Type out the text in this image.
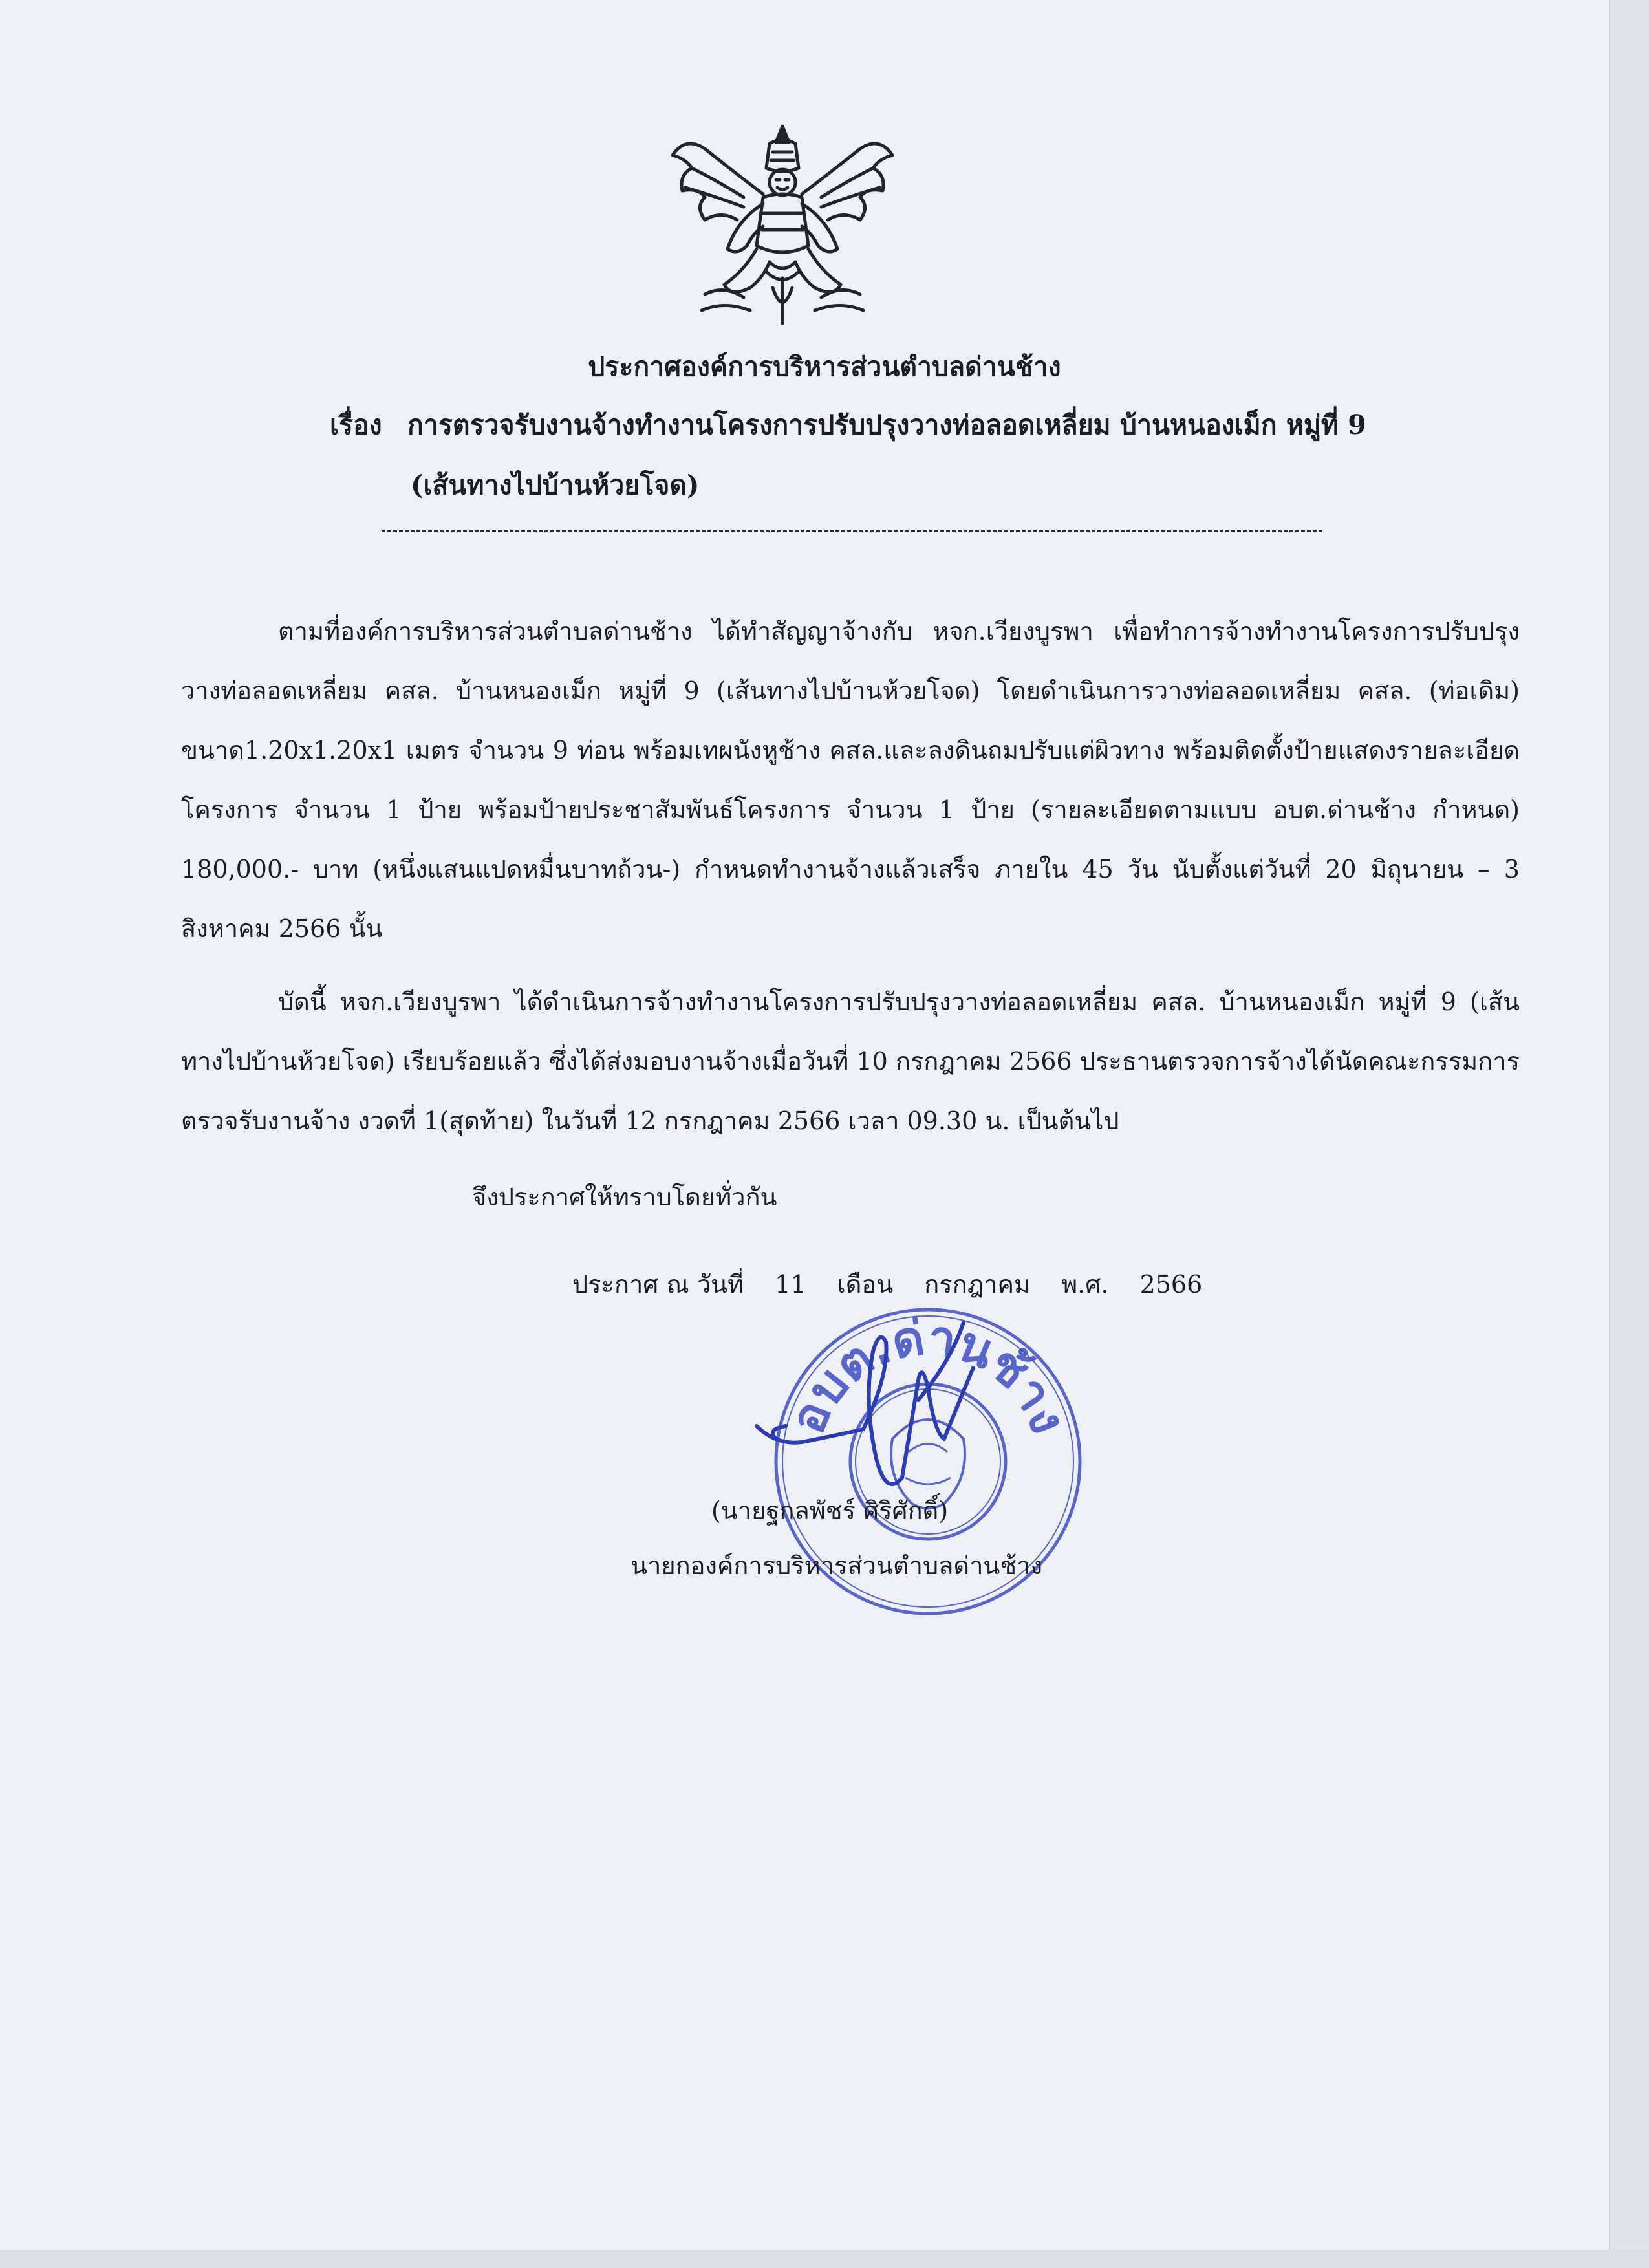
ประกาศองค์การบริหารส่วนตำบลด่านช้าง
เรื่อง การตรวจรับงานจ้างทำงานโครงการปรับปรุงวางท่อลอดเหลี่ยม บ้านหนองเม็ก หมู่ที่ 9
(เส้นทางไปบ้านห้วยโจด)

ตามที่องค์การบริหารส่วนตำบลด่านช้าง ได้ทำสัญญาจ้างกับ หจก.เวียงบูรพา เพื่อทำการจ้างทำงานโครงการปรับปรุงวางท่อลอดเหลี่ยม คสล. บ้านหนองเม็ก หมู่ที่ 9 (เส้นทางไปบ้านห้วยโจด) โดยดำเนินการวางท่อลอดเหลี่ยม คสล. (ท่อเดิม) ขนาด1.20x1.20x1 เมตร จำนวน 9 ท่อน พร้อมเทผนังหูช้าง คสล.และลงดินถมปรับแต่ผิวทาง พร้อมติดตั้งป้ายแสดงรายละเอียดโครงการ จำนวน 1 ป้าย พร้อมป้ายประชาสัมพันธ์โครงการ จำนวน 1 ป้าย (รายละเอียดตามแบบ อบต.ด่านช้าง กำหนด) 180,000.- บาท (หนึ่งแสนแปดหมื่นบาทถ้วน-) กำหนดทำงานจ้างแล้วเสร็จ ภายใน 45 วัน นับตั้งแต่วันที่ 20 มิถุนายน – 3 สิงหาคม 2566 นั้น

บัดนี้ หจก.เวียงบูรพา ได้ดำเนินการจ้างทำงานโครงการปรับปรุงวางท่อลอดเหลี่ยม คสล. บ้านหนองเม็ก หมู่ที่ 9 (เส้นทางไปบ้านห้วยโจด) เรียบร้อยแล้ว ซึ่งได้ส่งมอบงานจ้างเมื่อวันที่ 10 กรกฎาคม 2566 ประธานตรวจการจ้างได้นัดคณะกรรมการตรวจรับงานจ้าง งวดที่ 1(สุดท้าย) ในวันที่ 12 กรกฎาคม 2566 เวลา 09.30 น. เป็นต้นไป

จึงประกาศให้ทราบโดยทั่วกัน
ประกาศ ณ วันที่ 11 เดือน กรกฎาคม พ.ศ. 2566
อบต.ด่านช้าง
(นายฐกลพัชร์ ศิริศักดิ์)
นายกองค์การบริหารส่วนตำบลด่านช้าง
